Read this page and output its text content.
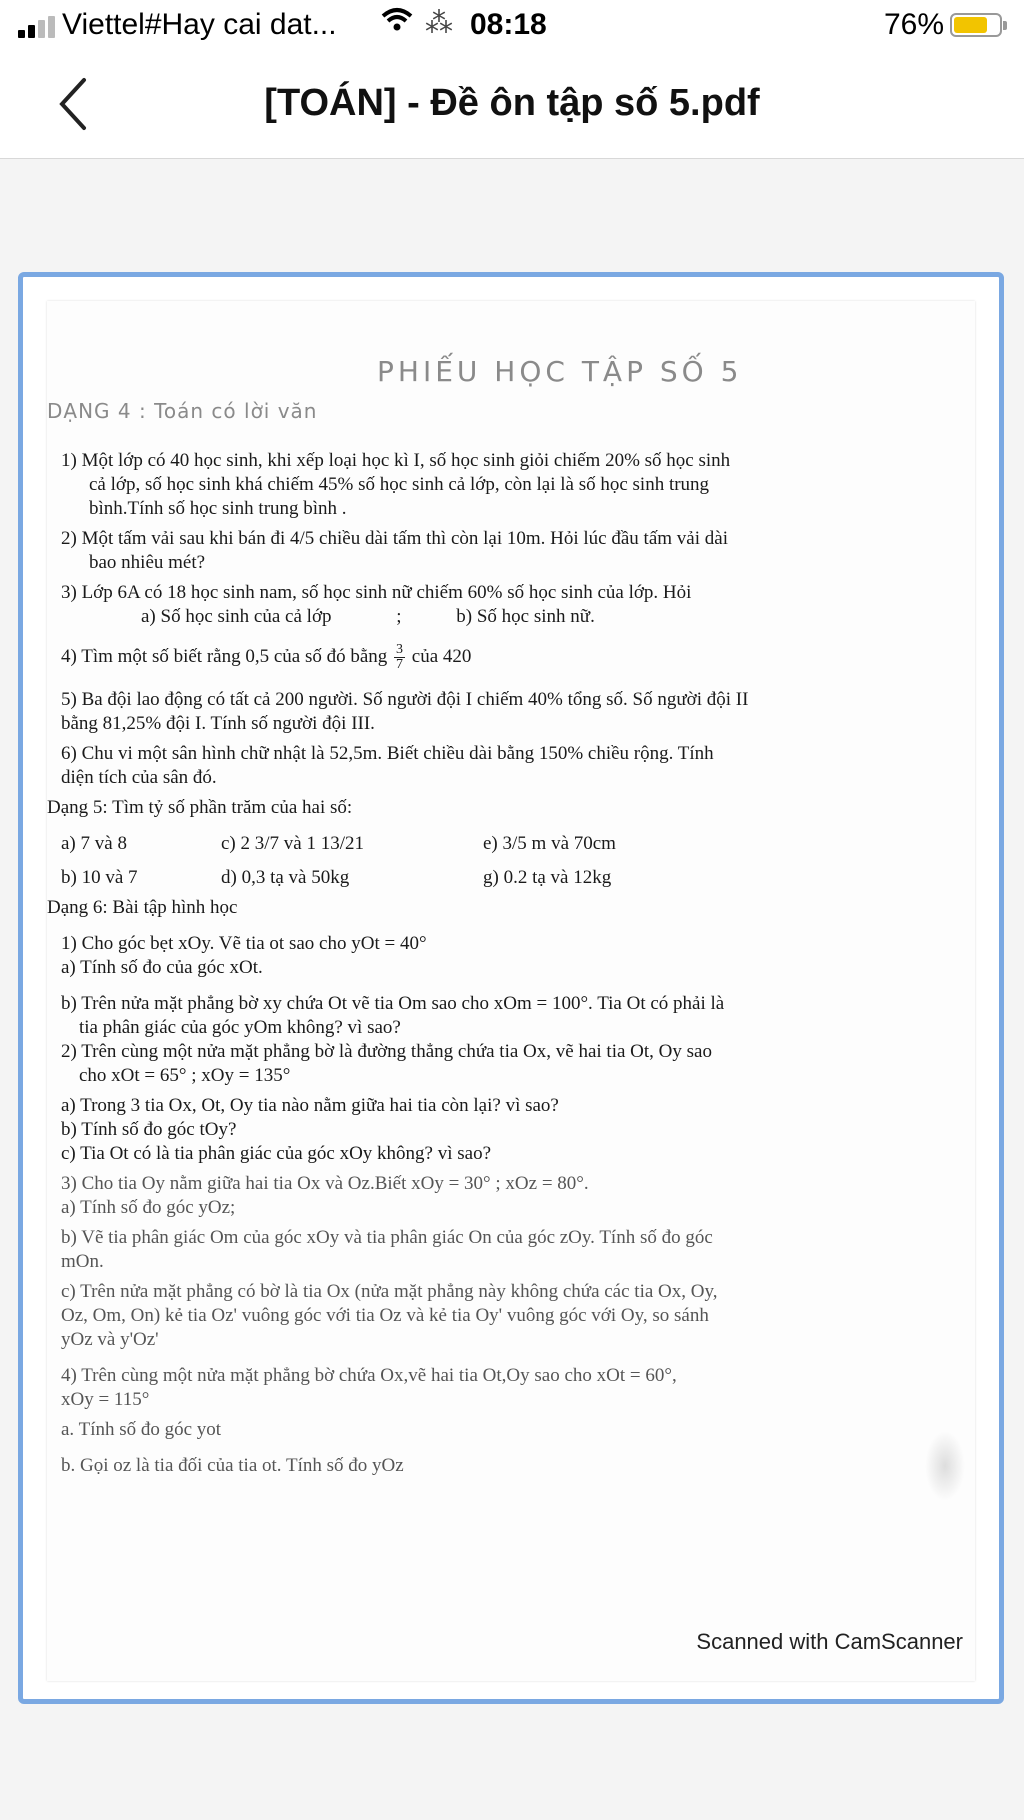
Viettel#Hay cai dat...	⁂ 08:18	76%
[TOÁN] - Đề ôn tập số 5.pdf
PHIẾU HỌC TẬP SỐ 5
DẠNG 4 : Toán có lời văn

1) Một lớp có 40 học sinh, khi xếp loại học kì I, số học sinh giỏi chiếm 20% số học sinh

cả lớp, số học sinh khá chiếm 45% số học sinh cả lớp, còn lại là số học sinh trung

bình.Tính số học sinh trung bình .

2) Một tấm vải sau khi bán đi 4/5 chiều dài tấm thì còn lại 10m. Hỏi lúc đầu tấm vải dài

bao nhiêu mét?

3) Lớp 6A có 18 học sinh nam, số học sinh nữ chiếm 60% số học sinh của lớp. Hỏi

a) Số học sinh của cả lớp	;	b) Số học sinh nữ.

4) Tìm một số biết rằng 0,5 của số đó bằng $\frac{3}{7}$ của 420

5) Ba đội lao động có tất cả 200 người. Số người đội I chiếm 40% tổng số. Số người đội II

bằng 81,25% đội I. Tính số người đội III.

6) Chu vi một sân hình chữ nhật là 52,5m. Biết chiều dài bằng 150% chiều rộng. Tính

diện tích của sân đó.

Dạng 5: Tìm tỷ số phần trăm của hai số:

a) 7 và 8	c) 2 3/7 và 1 13/21	e) 3/5 m và 70cm
b) 10 và 7	d) 0,3 tạ và 50kg	g) 0.2 tạ và 12kg

Dạng 6: Bài tập hình học

1) Cho góc bẹt xOy. Vẽ tia ot sao cho yOt = 40°

a) Tính số đo của góc xOt.

b) Trên nửa mặt phẳng bờ xy chứa Ot vẽ tia Om sao cho xOm = 100°. Tia Ot có phải là

tia phân giác của góc yOm không? vì sao?

2) Trên cùng một nửa mặt phẳng bờ là đường thẳng chứa tia Ox, vẽ hai tia Ot, Oy sao

cho xOt = 65° ; xOy = 135°

a) Trong 3 tia Ox, Ot, Oy tia nào nằm giữa hai tia còn lại? vì sao?

b) Tính số đo góc tOy?

c) Tia Ot có là tia phân giác của góc xOy không? vì sao?

3) Cho tia Oy nằm giữa hai tia Ox và Oz.Biết xOy = 30° ; xOz = 80°.

a) Tính số đo góc yOz;

b) Vẽ tia phân giác Om của góc xOy và tia phân giác On của góc zOy. Tính số đo góc

mOn.

c) Trên nửa mặt phẳng có bờ là tia Ox (nửa mặt phẳng này không chứa các tia Ox, Oy,

Oz, Om, On) kẻ tia Oz' vuông góc với tia Oz và kẻ tia Oy' vuông góc với Oy, so sánh

yOz và y'Oz'

4) Trên cùng một nửa mặt phẳng bờ chứa Ox,vẽ hai tia Ot,Oy sao cho xOt = 60°,

xOy = 115°

a. Tính số đo góc yot

b. Gọi oz là tia đối của tia ot. Tính số đo yOz

Scanned with CamScanner
